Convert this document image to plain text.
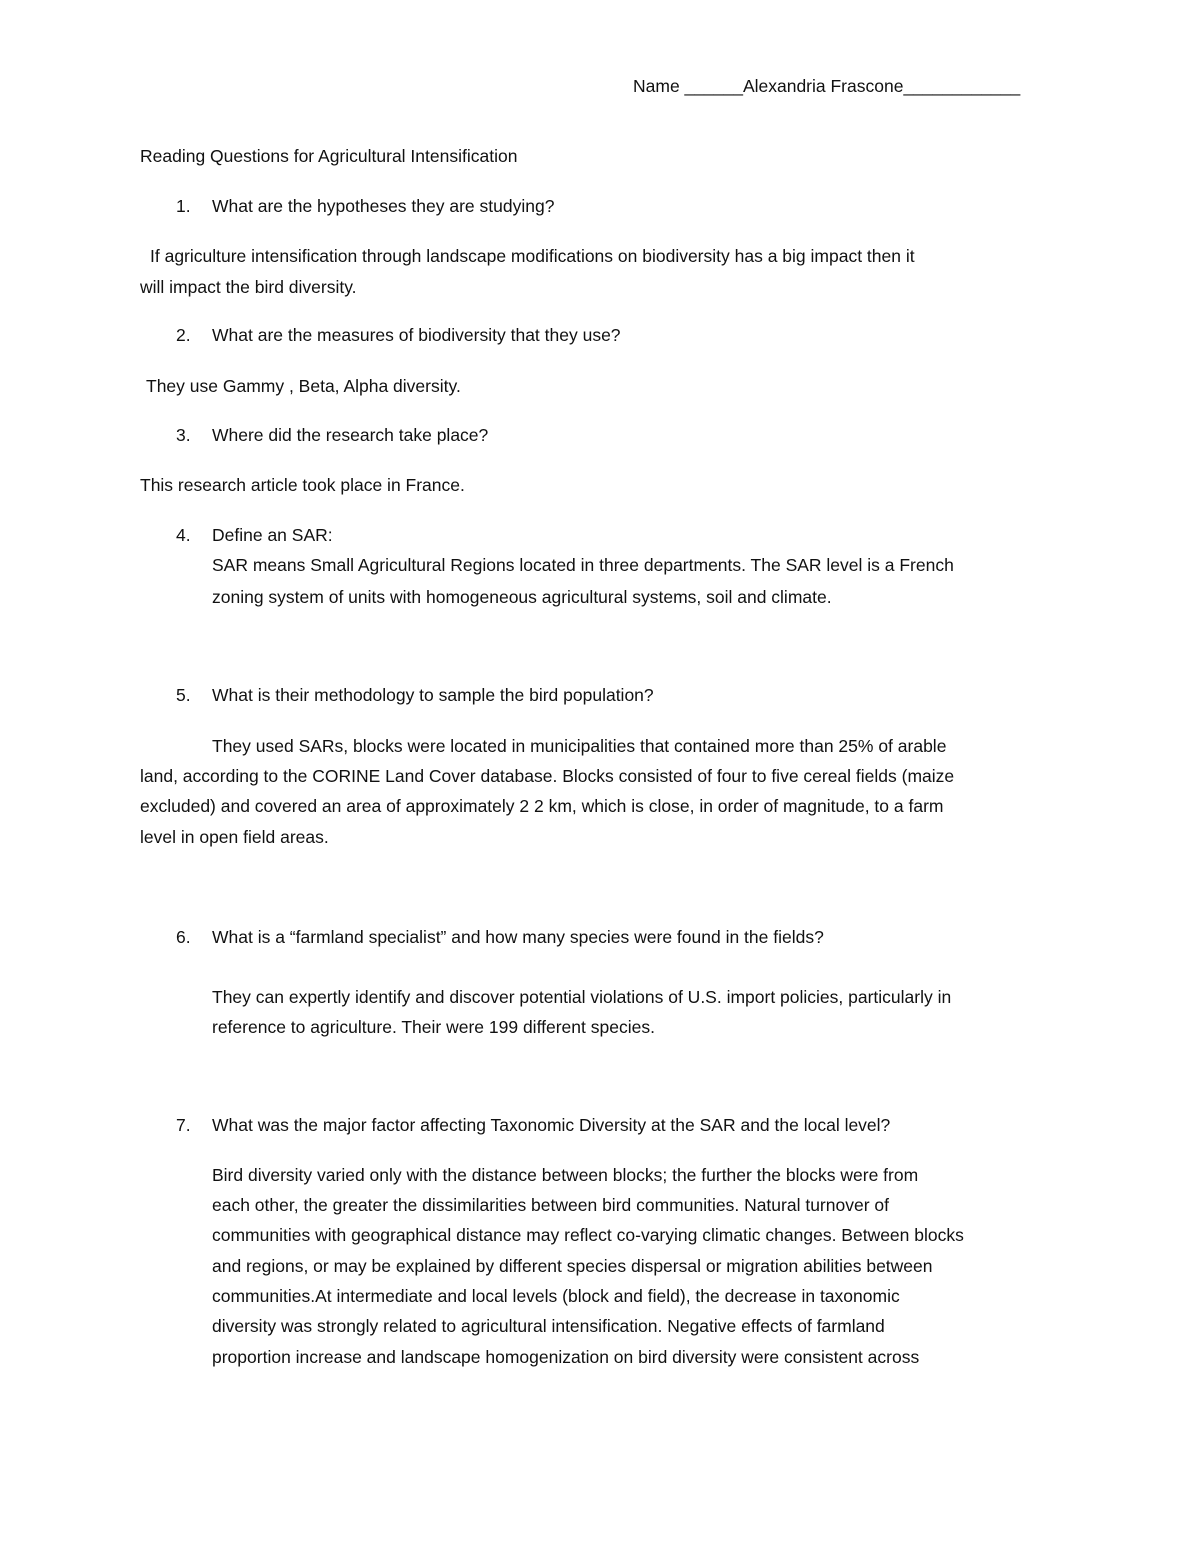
Name ______Alexandria Frascone____________
Reading Questions for Agricultural Intensification
1. What are the hypotheses they are studying?
If agriculture intensification through landscape modifications on biodiversity has a big impact then it
will impact the bird diversity.
2. What are the measures of biodiversity that they use?
They use Gammy , Beta, Alpha diversity.
3. Where did the research take place?
This research article took place in France.
4. Define an SAR:
SAR means Small Agricultural Regions located in three departments. The SAR level is a French
zoning system of units with homogeneous agricultural systems, soil and climate.
5. What is their methodology to sample the bird population?
They used SARs, blocks were located in municipalities that contained more than 25% of arable
land, according to the CORINE Land Cover database. Blocks consisted of four to five cereal fields (maize
excluded) and covered an area of approximately 2 2 km, which is close, in order of magnitude, to a farm
level in open field areas.
6. What is a “farmland specialist” and how many species were found in the fields?
They can expertly identify and discover potential violations of U.S. import policies, particularly in
reference to agriculture. Their were 199 different species.
7. What was the major factor affecting Taxonomic Diversity at the SAR and the local level?
Bird diversity varied only with the distance between blocks; the further the blocks were from
each other, the greater the dissimilarities between bird communities. Natural turnover of
communities with geographical distance may reflect co-varying climatic changes. Between blocks
and regions, or may be explained by different species dispersal or migration abilities between
communities.At intermediate and local levels (block and field), the decrease in taxonomic
diversity was strongly related to agricultural intensification. Negative effects of farmland
proportion increase and landscape homogenization on bird diversity were consistent across
